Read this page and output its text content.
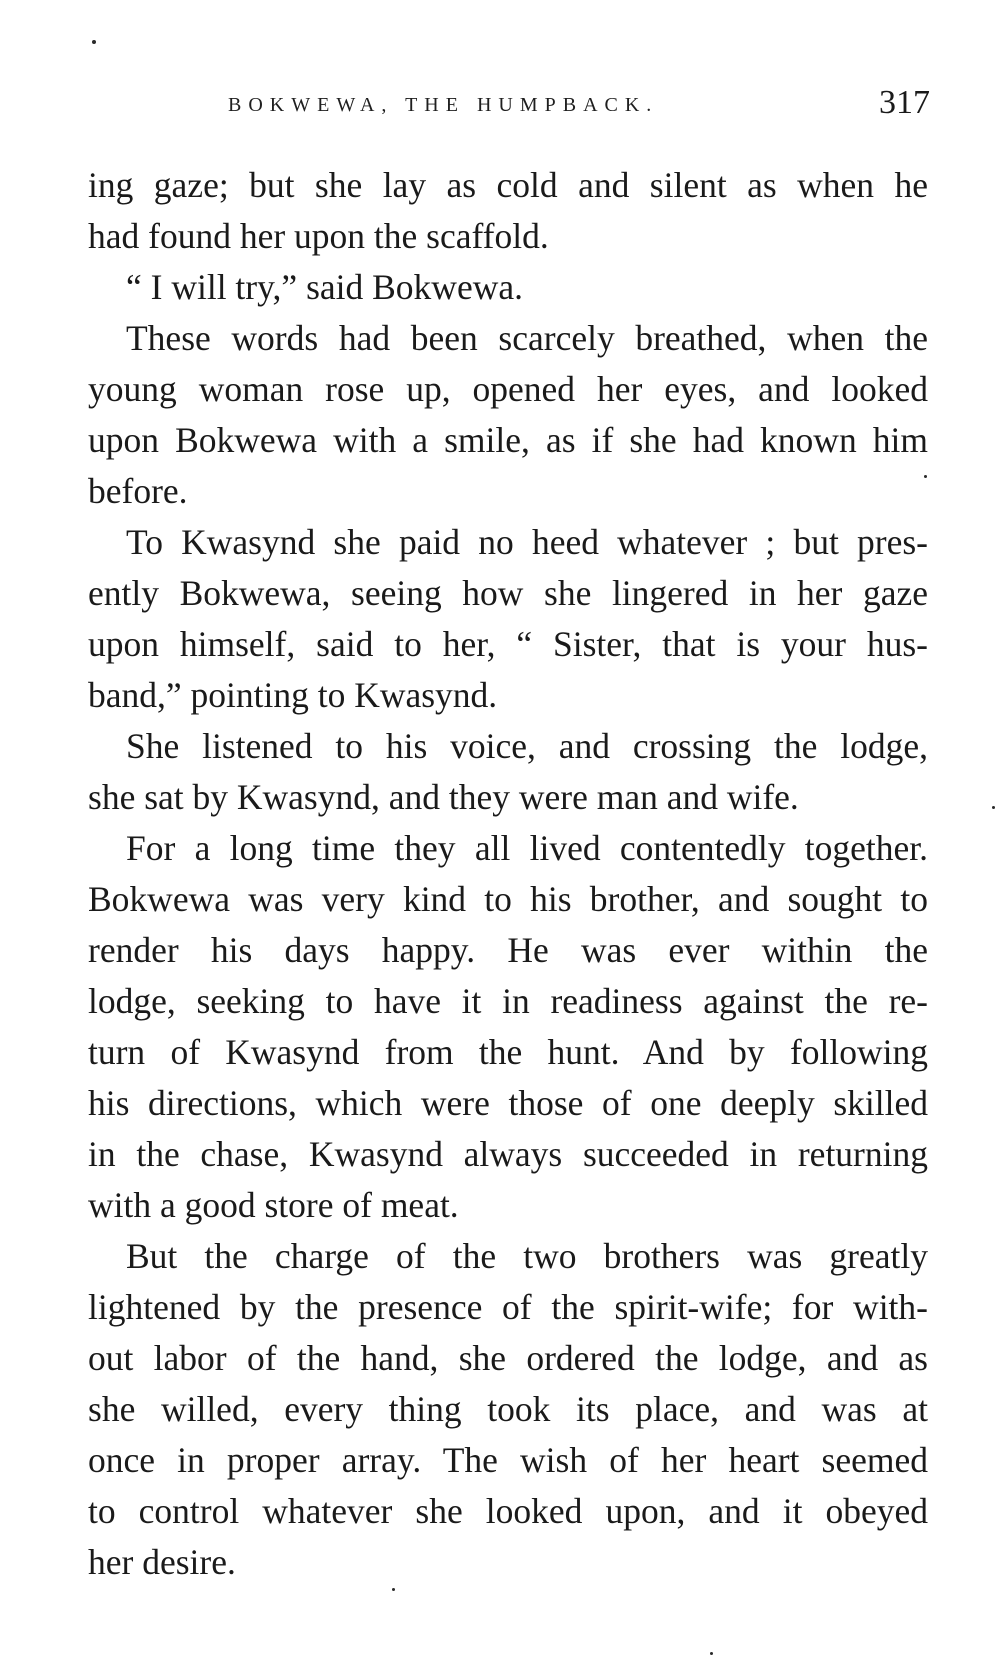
BOKWEWA, THE HUMPBACK.	317
ing gaze; but she lay as cold and silent as when he
had found her upon the scaffold.
“ I will try,” said Bokwewa.
These words had been scarcely breathed, when the
young woman rose up, opened her eyes, and looked
upon Bokwewa with a smile, as if she had known him
before.
To Kwasynd she paid no heed whatever ; but pres-
ently Bokwewa, seeing how she lingered in her gaze
upon himself, said to her, “ Sister, that is your hus-
band,” pointing to Kwasynd.
She listened to his voice, and crossing the lodge,
she sat by Kwasynd, and they were man and wife.
For a long time they all lived contentedly together.
Bokwewa was very kind to his brother, and sought to
render his days happy. He was ever within the
lodge, seeking to have it in readiness against the re-
turn of Kwasynd from the hunt. And by following
his directions, which were those of one deeply skilled
in the chase, Kwasynd always succeeded in returning
with a good store of meat.
But the charge of the two brothers was greatly
lightened by the presence of the spirit-wife; for with-
out labor of the hand, she ordered the lodge, and as
she willed, every thing took its place, and was at
once in proper array. The wish of her heart seemed
to control whatever she looked upon, and it obeyed
her desire.
